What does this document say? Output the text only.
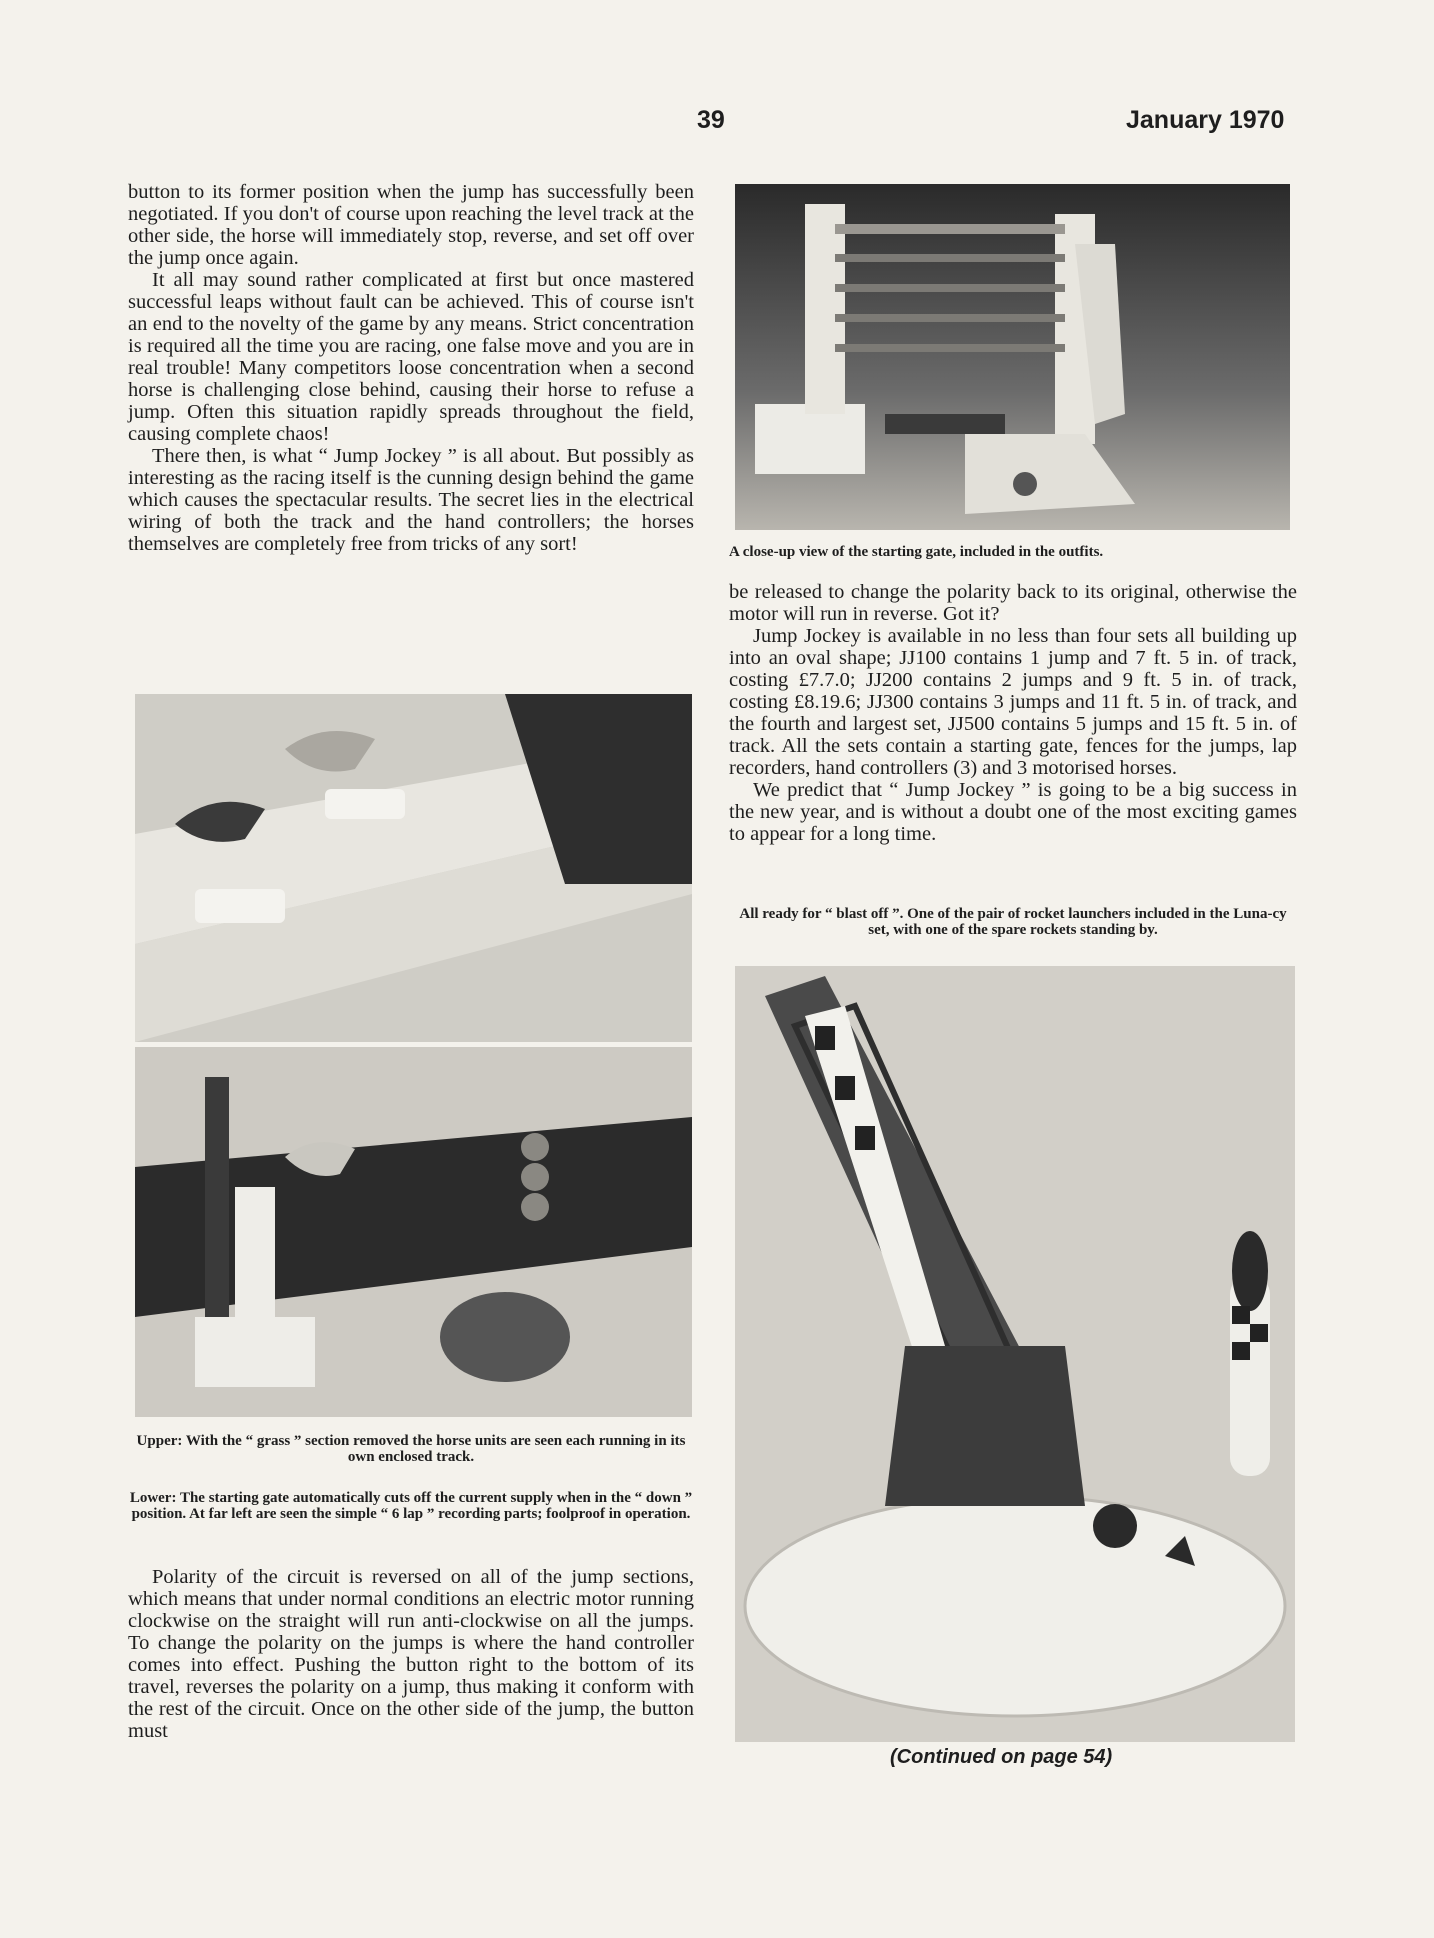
39	January 1970

button to its former position when the jump has successfully been negotiated. If you don't of course upon reaching the level track at the other side, the horse will immediately stop, reverse, and set off over the jump once again.

It all may sound rather complicated at first but once mastered successful leaps without fault can be achieved. This of course isn't an end to the novelty of the game by any means. Strict concentration is required all the time you are racing, one false move and you are in real trouble! Many competitors loose concentration when a second horse is challenging close behind, causing their horse to refuse a jump. Often this situation rapidly spreads throughout the field, causing complete chaos!

There then, is what “ Jump Jockey ” is all about. But possibly as interesting as the racing itself is the cunning design behind the game which causes the spectacular results. The secret lies in the electrical wiring of both the track and the hand controllers; the horses themselves are completely free from tricks of any sort!	A close-up view of the starting gate, included in the outfits.

be released to change the polarity back to its original, otherwise the motor will run in reverse. Got it?

Jump Jockey is available in no less than four sets all building up into an oval shape; JJ100 contains 1 jump and 7 ft. 5 in. of track, costing £7.7.0; JJ200 contains 2 jumps and 9 ft. 5 in. of track, costing £8.19.6; JJ300 contains 3 jumps and 11 ft. 5 in. of track, and the fourth and largest set, JJ500 contains 5 jumps and 15 ft. 5 in. of track. All the sets contain a starting gate, fences for the jumps, lap recorders, hand controllers (3) and 3 motorised horses.

We predict that “ Jump Jockey ” is going to be a big success in the new year, and is without a doubt one of the most exciting games to appear for a long time.

All ready for “ blast off ”. One of the pair of rocket launchers included in the Luna-cy set, with one of the spare rockets standing by.
(Continued on page 54)
Upper: With the “ grass ” section removed the horse units are seen each running in its own enclosed track.
Lower: The starting gate automatically cuts off the current supply when in the “ down ” position. At far left are seen the simple “ 6 lap ” recording parts; foolproof in operation.

Polarity of the circuit is reversed on all of the jump sections, which means that under normal conditions an electric motor running clockwise on the straight will run anti-clockwise on all the jumps. To change the polarity on the jumps is where the hand controller comes into effect. Pushing the button right to the bottom of its travel, reverses the polarity on a jump, thus making it conform with the rest of the circuit. Once on the other side of the jump, the button must
